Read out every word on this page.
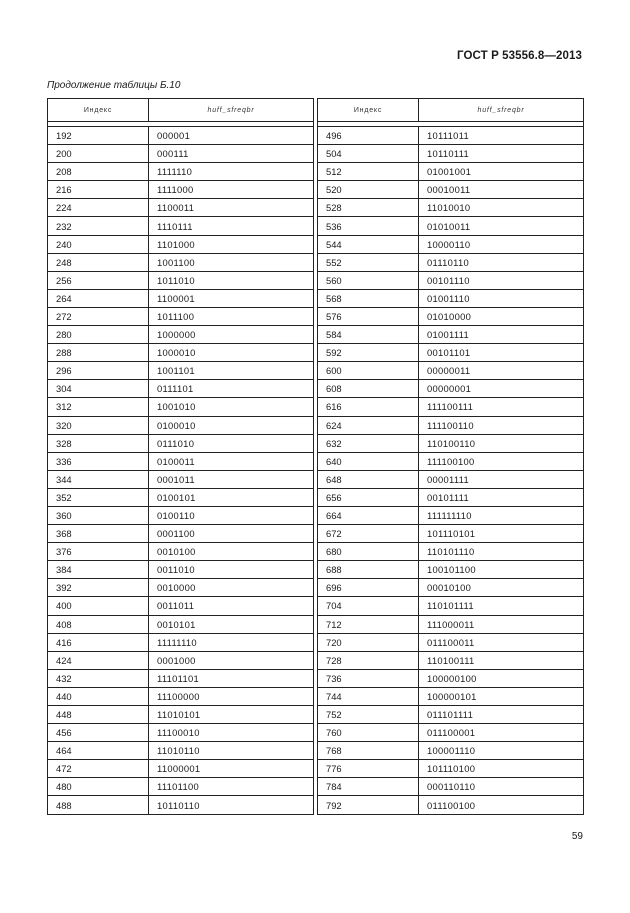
ГОСТ Р 53556.8—2013
Продолжение таблицы Б.10
Индекс	huff_sfreqbr

192	000001
200	000111
208	1111110
216	1111000
224	1100011
232	1110111
240	1101000
248	1001100
256	1011010
264	1100001
272	1011100
280	1000000
288	1000010
296	1001101
304	0111101
312	1001010
320	0100010
328	0111010
336	0100011
344	0001011
352	0100101
360	0100110
368	0001100
376	0010100
384	0011010
392	0010000
400	0011011
408	0010101
416	11111110
424	0001000
432	11101101
440	11100000
448	11010101
456	11100010
464	11010110
472	11000001
480	11101100
488	10110110
Индекс	huff_sfreqbr

496	10111011
504	10110111
512	01001001
520	00010011
528	11010010
536	01010011
544	10000110
552	01110110
560	00101110
568	01001110
576	01010000
584	01001111
592	00101101
600	00000011
608	00000001
616	111100111
624	111100110
632	110100110
640	111100100
648	00001111
656	00101111
664	111111110
672	101110101
680	110101110
688	100101100
696	00010100
704	110101111
712	111000011
720	011100011
728	110100111
736	100000100
744	100000101
752	011101111
760	011100001
768	100001110
776	101110100
784	000110110
792	011100100
59
